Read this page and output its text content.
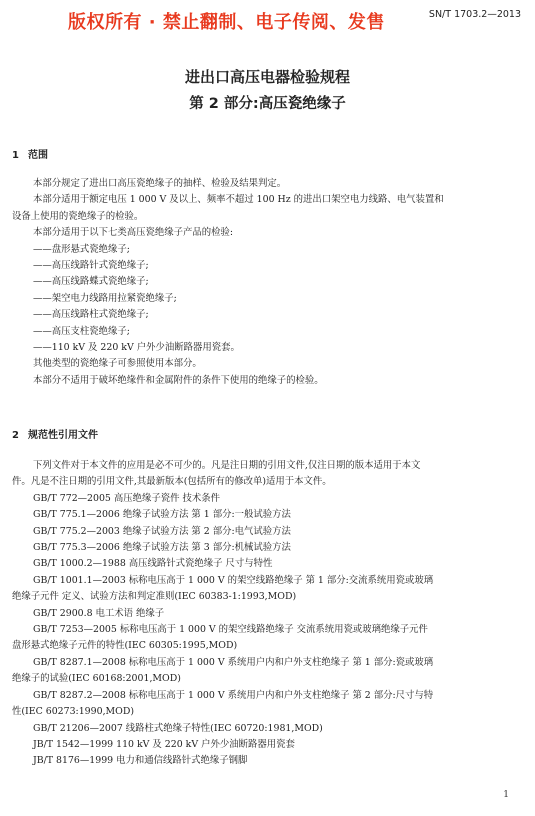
版权所有 · 禁止翻制、电子传阅、发售	SN/T 1703.2—2013
进出口高压电器检验规程
第 2 部分:高压瓷绝缘子
1 范围
本部分规定了进出口高压瓷绝缘子的抽样、检验及结果判定。
本部分适用于额定电压 1 000 V 及以上、频率不超过 100 Hz 的进出口架空电力线路、电气装置和
设备上使用的瓷绝缘子的检验。
本部分适用于以下七类高压瓷绝缘子产品的检验:
——盘形悬式瓷绝缘子;
——高压线路针式瓷绝缘子;
——高压线路蝶式瓷绝缘子;
——架空电力线路用拉紧瓷绝缘子;
——高压线路柱式瓷绝缘子;
——高压支柱瓷绝缘子;
——110 kV 及 220 kV 户外少油断路器用瓷套。
其他类型的瓷绝缘子可参照使用本部分。
本部分不适用于破坏绝缘件和金属附件的条件下使用的绝缘子的检验。
2 规范性引用文件
下列文件对于本文件的应用是必不可少的。凡是注日期的引用文件,仅注日期的版本适用于本文
件。凡是不注日期的引用文件,其最新版本(包括所有的修改单)适用于本文件。
GB/T 772—2005 高压绝缘子瓷件 技术条件
GB/T 775.1—2006 绝缘子试验方法 第 1 部分:一般试验方法
GB/T 775.2—2003 绝缘子试验方法 第 2 部分:电气试验方法
GB/T 775.3—2006 绝缘子试验方法 第 3 部分:机械试验方法
GB/T 1000.2—1988 高压线路针式瓷绝缘子 尺寸与特性
GB/T 1001.1—2003 标称电压高于 1 000 V 的架空线路绝缘子 第 1 部分:交流系统用瓷或玻璃
绝缘子元件 定义、试验方法和判定准则(IEC 60383-1:1993,MOD)
GB/T 2900.8 电工术语 绝缘子
GB/T 7253—2005 标称电压高于 1 000 V 的架空线路绝缘子 交流系统用瓷或玻璃绝缘子元件
盘形悬式绝缘子元件的特性(IEC 60305:1995,MOD)
GB/T 8287.1—2008 标称电压高于 1 000 V 系统用户内和户外支柱绝缘子 第 1 部分:瓷或玻璃
绝缘子的试验(IEC 60168:2001,MOD)
GB/T 8287.2—2008 标称电压高于 1 000 V 系统用户内和户外支柱绝缘子 第 2 部分:尺寸与特
性(IEC 60273:1990,MOD)
GB/T 21206—2007 线路柱式绝缘子特性(IEC 60720:1981,MOD)
JB/T 1542—1999 110 kV 及 220 kV 户外少油断路器用瓷套
JB/T 8176—1999 电力和通信线路针式绝缘子钢脚
1
